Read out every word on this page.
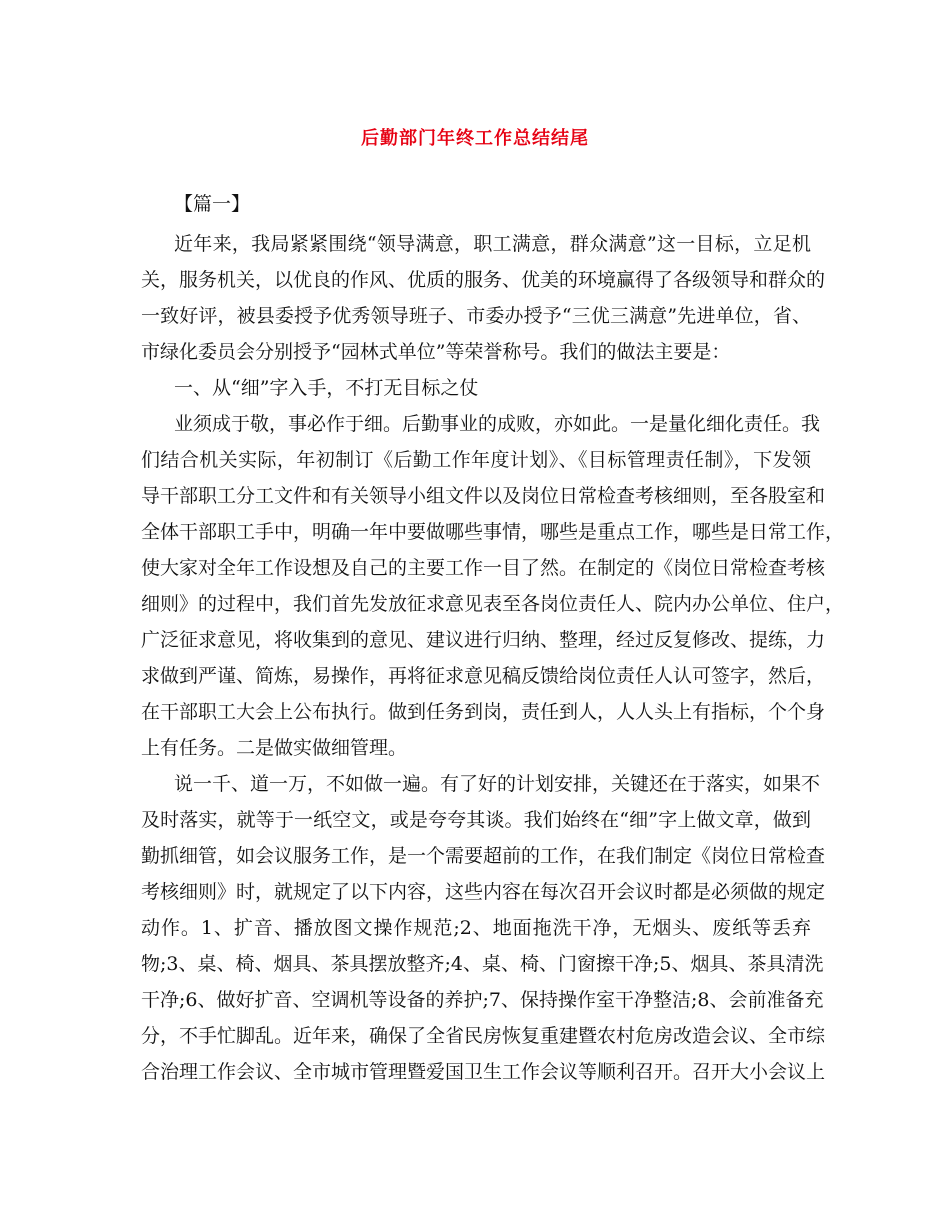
后勤部门年终工作总结结尾
【篇一】
近年来，我局紧紧围绕“领导满意，职工满意，群众满意”这一目标，立足机
关，服务机关，以优良的作风、优质的服务、优美的环境赢得了各级领导和群众的
一致好评，被县委授予优秀领导班子、市委办授予“三优三满意”先进单位，省、
市绿化委员会分别授予“园林式单位”等荣誉称号。我们的做法主要是：
一、从“细”字入手，不打无目标之仗
业须成于敬，事必作于细。后勤事业的成败，亦如此。一是量化细化责任。我
们结合机关实际，年初制订《后勤工作年度计划》、《目标管理责任制》，下发领
导干部职工分工文件和有关领导小组文件以及岗位日常检查考核细则，至各股室和
全体干部职工手中，明确一年中要做哪些事情，哪些是重点工作，哪些是日常工作，
使大家对全年工作设想及自己的主要工作一目了然。在制定的《岗位日常检查考核
细则》的过程中，我们首先发放征求意见表至各岗位责任人、院内办公单位、住户，
广泛征求意见，将收集到的意见、建议进行归纳、整理，经过反复修改、提练，力
求做到严谨、简炼，易操作，再将征求意见稿反馈给岗位责任人认可签字，然后，
在干部职工大会上公布执行。做到任务到岗，责任到人，人人头上有指标，个个身
上有任务。二是做实做细管理。
说一千、道一万，不如做一遍。有了好的计划安排，关键还在于落实，如果不
及时落实，就等于一纸空文，或是夸夸其谈。我们始终在“细”字上做文章，做到
勤抓细管，如会议服务工作，是一个需要超前的工作，在我们制定《岗位日常检查
考核细则》时，就规定了以下内容，这些内容在每次召开会议时都是必须做的规定
动作。1、扩音、播放图文操作规范;2、地面拖洗干净，无烟头、废纸等丢弃
物;3、桌、椅、烟具、茶具摆放整齐;4、桌、椅、门窗擦干净;5、烟具、茶具清洗
干净;6、做好扩音、空调机等设备的养护;7、保持操作室干净整洁;8、会前准备充
分，不手忙脚乱。近年来，确保了全省民房恢复重建暨农村危房改造会议、全市综
合治理工作会议、全市城市管理暨爱国卫生工作会议等顺利召开。召开大小会议上
